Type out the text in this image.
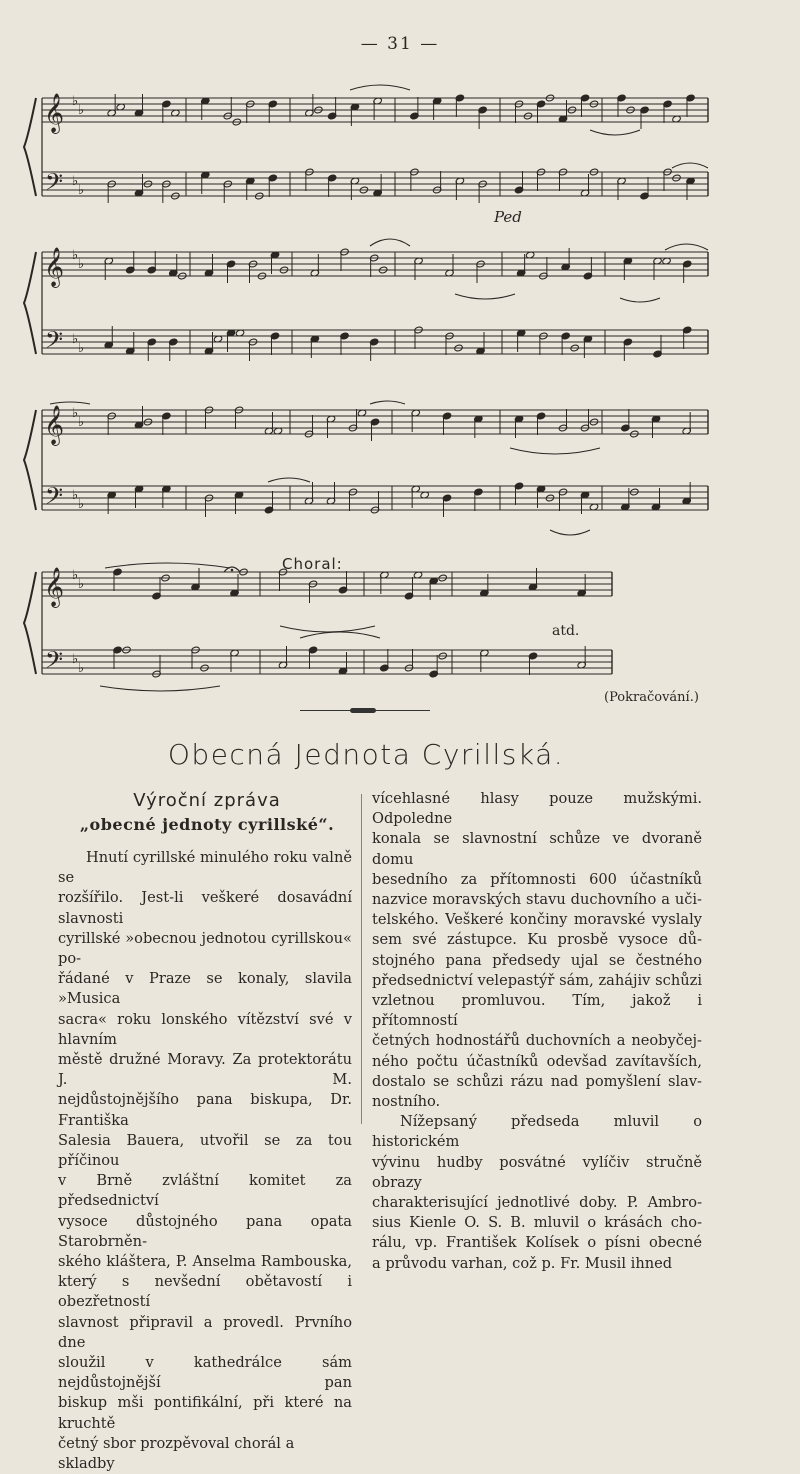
— 31 —
𝄞
𝄢
♭
♭
♭
♭
𝄞
𝄢
♭
♭
♭
♭
𝄞
𝄢
♭
♭
♭
♭
𝄞
𝄢
♭
♭
♭
♭
Ped
Choral:
atd.
(Pokračování.)
Obecná Jednota Cyrillská.
Výroční zpráva
„obecné jednoty cyrillské“.
Hnutí cyrillské minulého roku valně se
rozšířilo. Jest-li veškeré dosavádní slavnosti
cyrillské »obecnou jednotou cyrillskou« po-
řádané v Praze se konaly, slavila »Musica
sacra« roku lonského vítězství své v hlavním
městě družné Moravy. Za protektorátu J. M.
nejdůstojnějšího pana biskupa, Dr. Františka
Salesia Bauera, utvořil se za tou příčinou
v Brně zvláštní komitet za předsednictví
vysoce důstojného pana opata Starobrněn-
ského kláštera, P. Anselma Rambouska,
který s nevšední obětavostí i obezřetností
slavnost připravil a provedl. Prvního dne
sloužil v kathedrálce sám nejdůstojnější pan
biskup mši pontifikální, při které na kruchtě
četný sbor prozpěvoval chorál a skladby
vícehlasné hlasy pouze mužskými. Odpoledne
konala se slavnostní schůze ve dvoraně domu
besedního za přítomnosti 600 účastníků
nazvice moravských stavu duchovního a uči-
telského. Veškeré končiny moravské vyslaly
sem své zástupce. Ku prosbě vysoce dů-
stojného pana předsedy ujal se čestného
předsednictví velepastýř sám, zahájiv schůzi
vzletnou promluvou. Tím, jakož i přítomností
četných hodnostářů duchovních a neobyčej-
ného počtu účastníků odevšad zavítavších,
dostalo se schůzi rázu nad pomyšlení slav-
nostního.
Nížepsaný předseda mluvil o historickém
vývinu hudby posvátné vylíčiv stručně obrazy
charakterisující jednotlivé doby. P. Ambro-
sius Kienle O. S. B. mluvil o krásách cho-
rálu, vp. František Kolísek o písni obecné
a průvodu varhan, což p. Fr. Musil ihned
